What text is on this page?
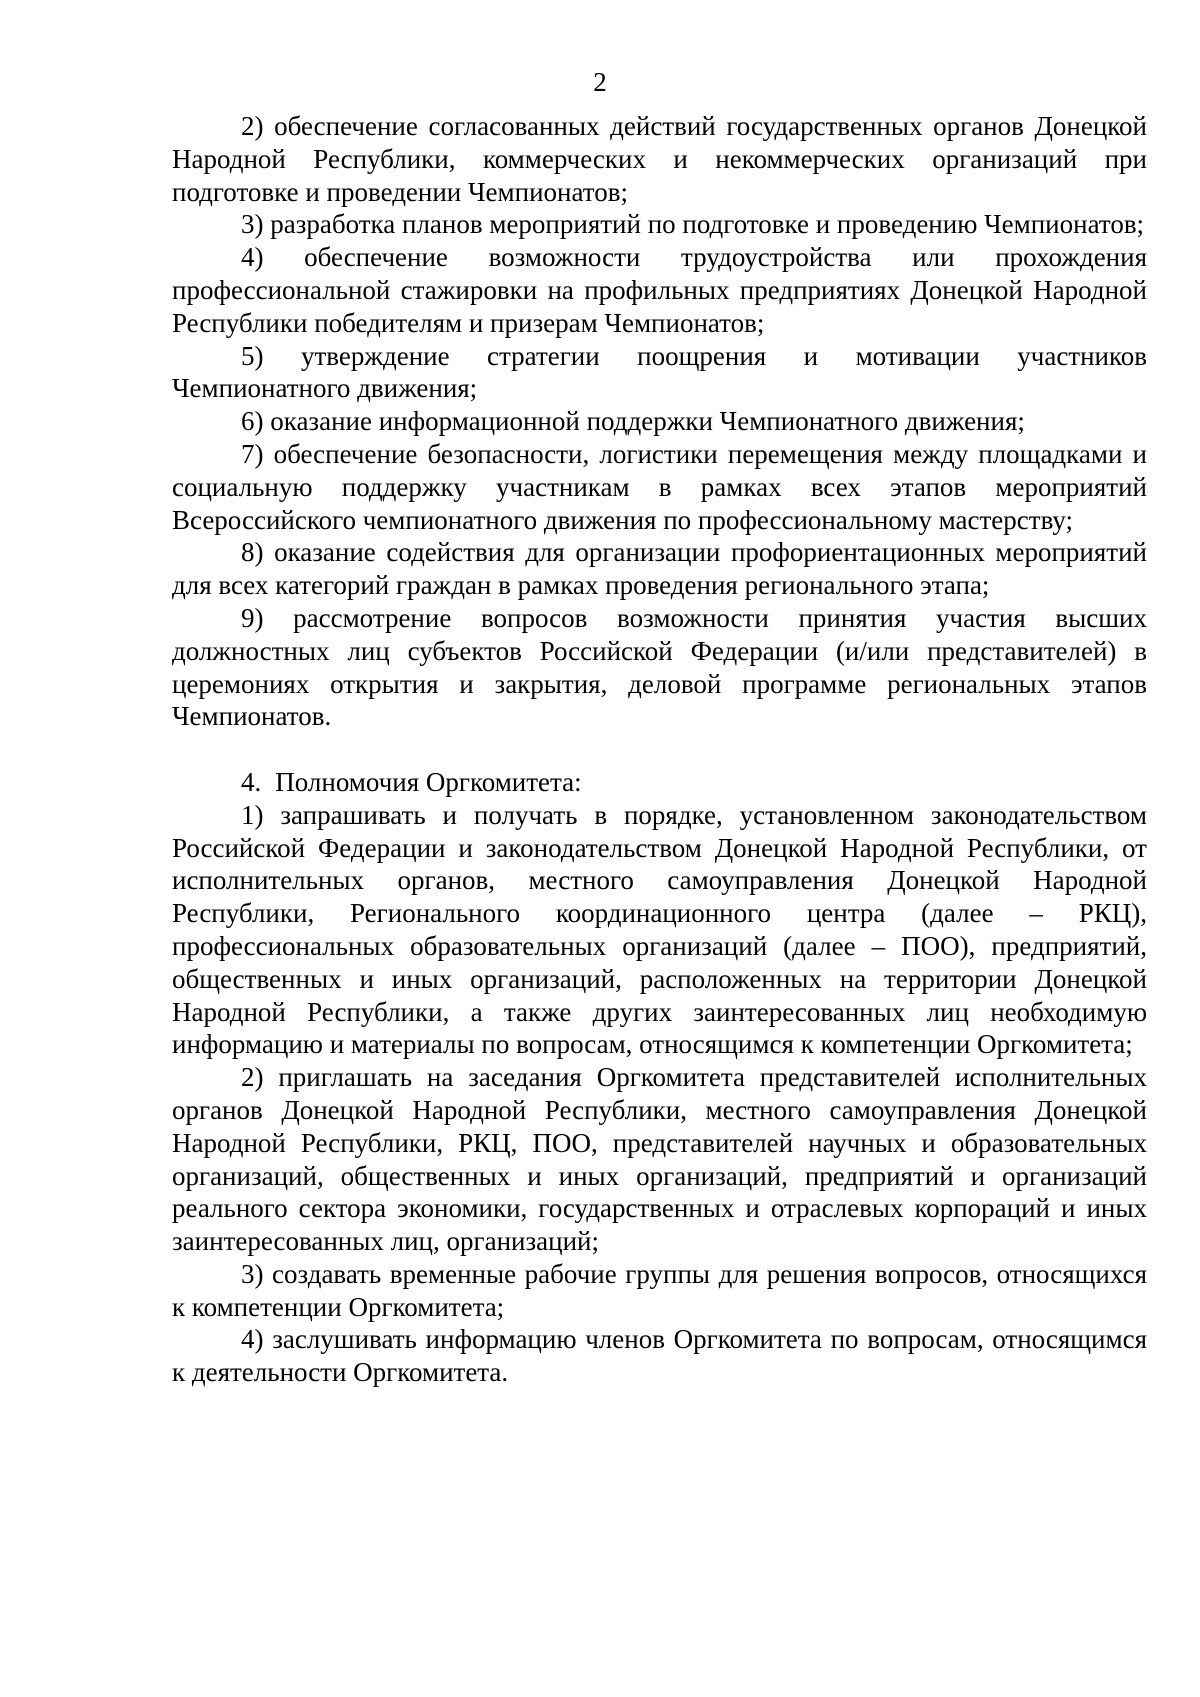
2

2) обеспечение согласованных действий государственных органов Донецкой Народной Республики, коммерческих и некоммерческих организаций при подготовке и проведении Чемпионатов;

3) разработка планов мероприятий по подготовке и проведению Чемпионатов;

4) обеспечение возможности трудоустройства или прохождения профессиональной стажировки на профильных предприятиях Донецкой Народной Республики победителям и призерам Чемпионатов;

5) утверждение стратегии поощрения и мотивации участников Чемпионатного движения;

6) оказание информационной поддержки Чемпионатного движения;

7) обеспечение безопасности, логистики перемещения между площадками и социальную поддержку участникам в рамках всех этапов мероприятий Всероссийского чемпионатного движения по профессиональному мастерству;

8) оказание содействия для организации профориентационных мероприятий для всех категорий граждан в рамках проведения регионального этапа;

9) рассмотрение вопросов возможности принятия участия высших должностных лиц субъектов Российской Федерации (и/или представителей) в церемониях открытия и закрытия, деловой программе региональных этапов Чемпионатов.

4. Полномочия Оргкомитета:

1) запрашивать и получать в порядке, установленном законодательством Российской Федерации и законодательством Донецкой Народной Республики, от исполнительных органов, местного самоуправления Донецкой Народной Республики, Регионального координационного центра (далее – РКЦ), профессиональных образовательных организаций (далее – ПОО), предприятий, общественных и иных организаций, расположенных на территории Донецкой Народной Республики, а также других заинтересованных лиц необходимую информацию и материалы по вопросам, относящимся к компетенции Оргкомитета;

2) приглашать на заседания Оргкомитета представителей исполнительных органов Донецкой Народной Республики, местного самоуправления Донецкой Народной Республики, РКЦ, ПОО, представителей научных и образовательных организаций, общественных и иных организаций, предприятий и организаций реального сектора экономики, государственных и отраслевых корпораций и иных заинтересованных лиц, организаций;

3) создавать временные рабочие группы для решения вопросов, относящихся к компетенции Оргкомитета;

4) заслушивать информацию членов Оргкомитета по вопросам, относящимся к деятельности Оргкомитета.
